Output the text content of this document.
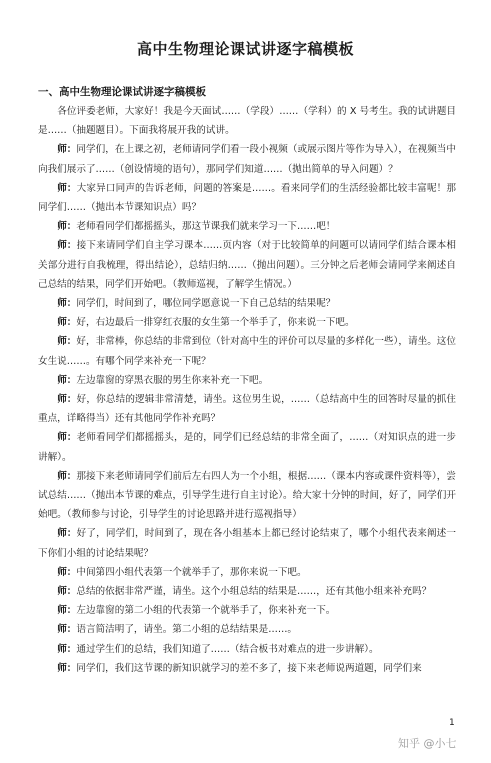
高中生物理论课试讲逐字稿模板
一、高中生物理论课试讲逐字稿模板

各位评委老师，大家好！我是今天面试……（学段）……（学科）的 X 号考生。我的试讲题目是……（抽题题目）。下面我将展开我的试讲。

师：同学们，在上课之初，老师请同学们看一段小视频（或展示图片等作为导入），在视频当中向我们展示了……（创设情境的语句），那同学们知道……（抛出简单的导入问题）？

师：大家异口同声的告诉老师，问题的答案是……。看来同学们的生活经验都比较丰富呢！那同学们……（抛出本节课知识点）吗？

师：老师看同学们都摇摇头，那这节课我们就来学习一下……吧！

师：接下来请同学们自主学习课本……页内容（对于比较简单的问题可以请同学们结合课本相关部分进行自我梳理，得出结论），总结归纳……（抛出问题）。三分钟之后老师会请同学来阐述自己总结的结果，同学们开始吧。（教师巡视，了解学生情况。）

师：同学们，时间到了，哪位同学愿意说一下自己总结的结果呢？

师：好，右边最后一排穿红衣服的女生第一个举手了，你来说一下吧。

师：好，非常棒，你总结的非常到位（针对高中生的评价可以尽量的多样化一些），请坐。这位女生说……。有哪个同学来补充一下呢？

师：左边靠窗的穿黑衣服的男生你来补充一下吧。

师：好，你总结的逻辑非常清楚，请坐。这位男生说，……（总结高中生的回答时尽量的抓住重点，详略得当）还有其他同学作补充吗？

师：老师看同学们都摇摇头，是的，同学们已经总结的非常全面了，……（对知识点的进一步讲解）。

师：那接下来老师请同学们前后左右四人为一个小组，根据……（课本内容或课件资料等），尝试总结……（抛出本节课的难点，引导学生进行自主讨论）。给大家十分钟的时间，好了，同学们开始吧。（教师参与讨论，引导学生的讨论思路并进行巡视指导）

师：好了，同学们，时间到了，现在各小组基本上都已经讨论结束了，哪个小组代表来阐述一下你们小组的讨论结果呢？

师：中间第四小组代表第一个就举手了，那你来说一下吧。

师：总结的依据非常严谨，请坐。这个小组总结的结果是……，还有其他小组来补充吗？

师：左边靠窗的第二小组的代表第一个就举手了，你来补充一下。

师：语言简洁明了，请坐。第二小组的总结结果是……。

师：通过学生们的总结，我们知道了……（结合板书对难点的进一步讲解）。

师：同学们，我们这节课的新知识就学习的差不多了，接下来老师说两道题，同学们来

1
知乎 @小七
